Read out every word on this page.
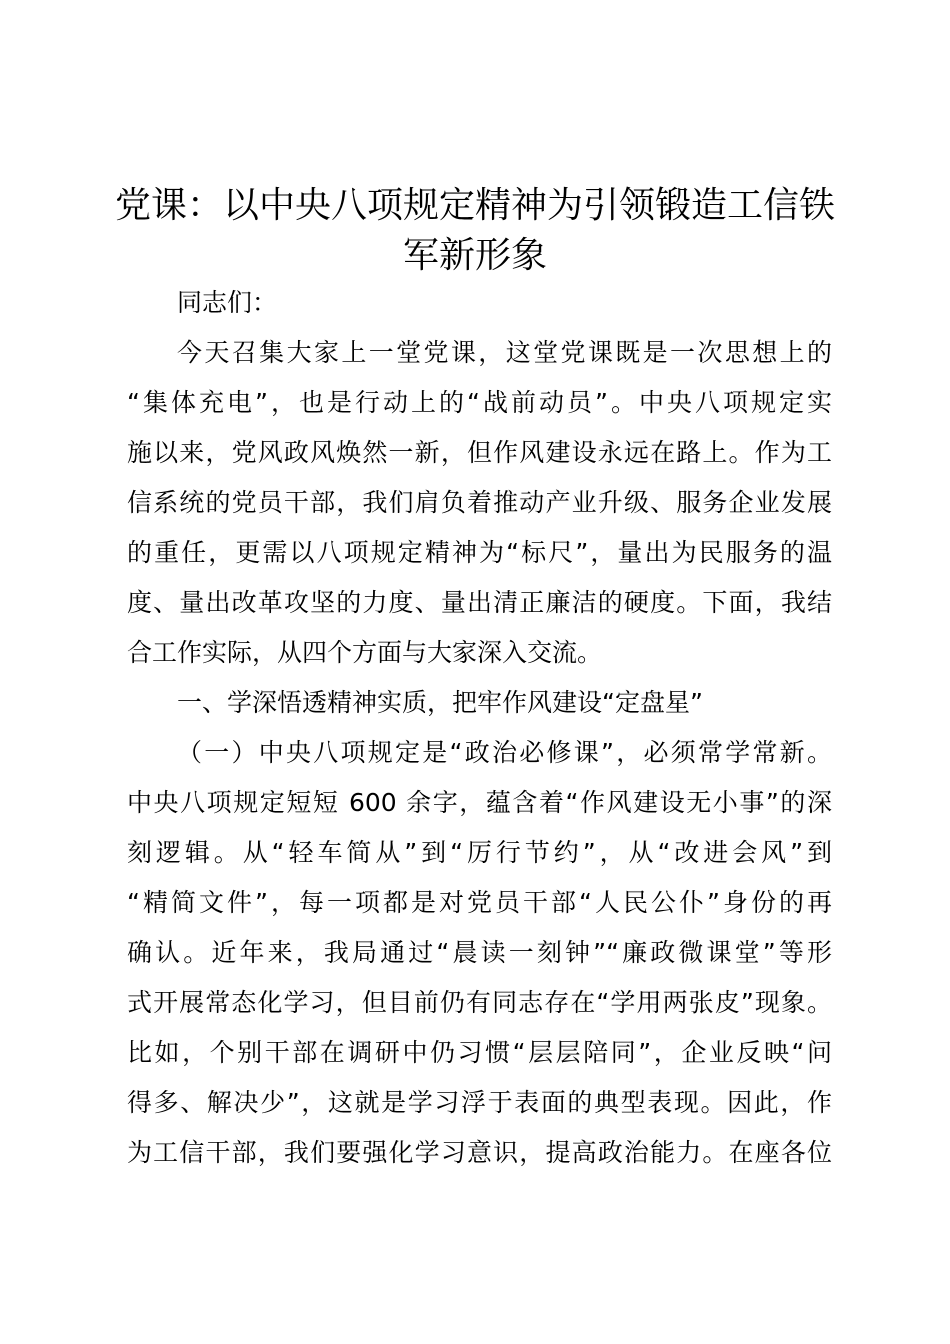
党课：以中央八项规定精神为引领锻造工信铁
军新形象

同志们：

今天召集大家上一堂党课，这堂党课既是一次思想上的

“集体充电”，也是行动上的“战前动员”。中央八项规定实

施以来，党风政风焕然一新，但作风建设永远在路上。作为工

信系统的党员干部，我们肩负着推动产业升级、服务企业发展

的重任，更需以八项规定精神为“标尺”，量出为民服务的温

度、量出改革攻坚的力度、量出清正廉洁的硬度。下面，我结

合工作实际，从四个方面与大家深入交流。

一、学深悟透精神实质，把牢作风建设“定盘星”

（一）中央八项规定是“政治必修课”，必须常学常新。

中央八项规定短短 600 余字，蕴含着“作风建设无小事”的深

刻逻辑。从“轻车简从”到“厉行节约”，从“改进会风”到

“精简文件”，每一项都是对党员干部“人民公仆”身份的再

确认。近年来，我局通过“晨读一刻钟”“廉政微课堂”等形

式开展常态化学习，但目前仍有同志存在“学用两张皮”现象。

比如，个别干部在调研中仍习惯“层层陪同”，企业反映“问

得多、解决少”，这就是学习浮于表面的典型表现。因此，作

为工信干部，我们要强化学习意识，提高政治能力。在座各位
